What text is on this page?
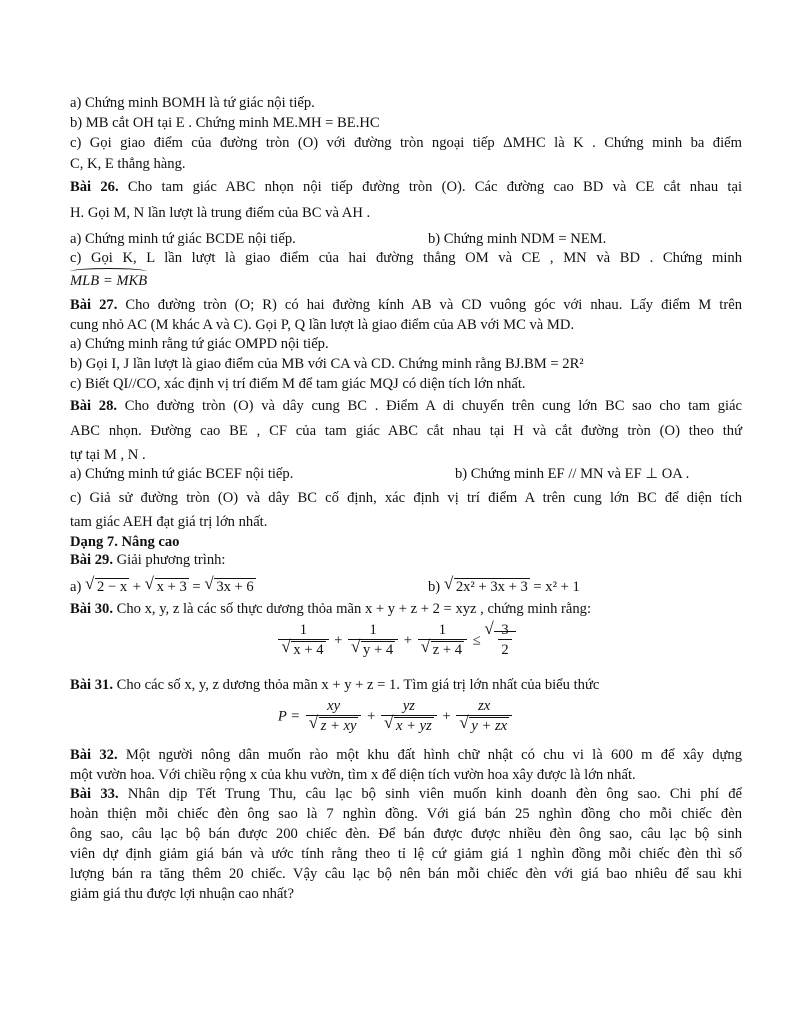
a) Chứng minh BOMH là tứ giác nội tiếp.
b) MB cắt OH tại E . Chứng minh ME.MH = BE.HC
c) Gọi giao điểm của đường tròn (O) với đường tròn ngoại tiếp ΔMHC là K . Chứng minh ba điểm
C, K, E thẳng hàng.
Bài 26. Cho tam giác ABC nhọn nội tiếp đường tròn (O). Các đường cao BD và CE cắt nhau tại
H. Gọi M, N lần lượt là trung điểm của BC và AH .
a) Chứng minh tứ giác BCDE nội tiếp.	b) Chứng minh NDM = NEM.
c) Gọi K, L lần lượt là giao điểm của hai đường thẳng OM và CE , MN và BD . Chứng minh
MLB = MKB
Bài 27. Cho đường tròn (O; R) có hai đường kính AB và CD vuông góc với nhau. Lấy điểm M trên
cung nhỏ AC (M khác A và C). Gọi P, Q lần lượt là giao điểm của AB với MC và MD.
a) Chứng minh rằng tứ giác OMPD nội tiếp.
b) Gọi I, J lần lượt là giao điểm của MB với CA và CD. Chứng minh rằng BJ.BM = 2R²
c) Biết QI//CO, xác định vị trí điểm M để tam giác MQJ có diện tích lớn nhất.
Bài 28. Cho đường tròn (O) và dây cung BC . Điểm A di chuyển trên cung lớn BC sao cho tam giác
ABC nhọn. Đường cao BE , CF của tam giác ABC cắt nhau tại H và cắt đường tròn (O) theo thứ
tự tại M , N .
a) Chứng minh tứ giác BCEF nội tiếp.	b) Chứng minh EF // MN và EF ⊥ OA .
c) Giả sử đường tròn (O) và dây BC cố định, xác định vị trí điểm A trên cung lớn BC để diện tích
tam giác AEH đạt giá trị lớn nhất.
Dạng 7. Nâng cao
Bài 29. Giải phương trình:
a) √ 2 − x + √ x + 3 = √ 3x + 6	b) √ 2x² + 3x + 3 = x² + 1
Bài 30. Cho x, y, z là các số thực dương thỏa mãn x + y + z + 2 = xyz , chứng minh rằng:
1
√ x + 4 + 1
√ y + 4 + 1
√ z + 4 ≤ √ $\frac{3}{2}$
Bài 31. Cho các số x, y, z dương thỏa mãn x + y + z = 1. Tìm giá trị lớn nhất của biểu thức
P = xy
√ z + xy + yz
√ x + yz + zx
√ y + zx
Bài 32. Một người nông dân muốn rào một khu đất hình chữ nhật có chu vi là 600 m để xây dựng
một vườn hoa. Với chiều rộng x của khu vườn, tìm x để diện tích vườn hoa xây được là lớn nhất.
Bài 33. Nhân dịp Tết Trung Thu, câu lạc bộ sinh viên muốn kinh doanh đèn ông sao. Chi phí để
hoàn thiện mỗi chiếc đèn ông sao là 7 nghìn đồng. Với giá bán 25 nghìn đồng cho mỗi chiếc đèn
ông sao, câu lạc bộ bán được 200 chiếc đèn. Để bán được được nhiều đèn ông sao, câu lạc bộ sinh
viên dự định giảm giá bán và ước tính rằng theo tỉ lệ cứ giảm giá 1 nghìn đồng mỗi chiếc đèn thì số
lượng bán ra tăng thêm 20 chiếc. Vậy câu lạc bộ nên bán mỗi chiếc đèn với giá bao nhiêu để sau khi
giảm giá thu được lợi nhuận cao nhất?
